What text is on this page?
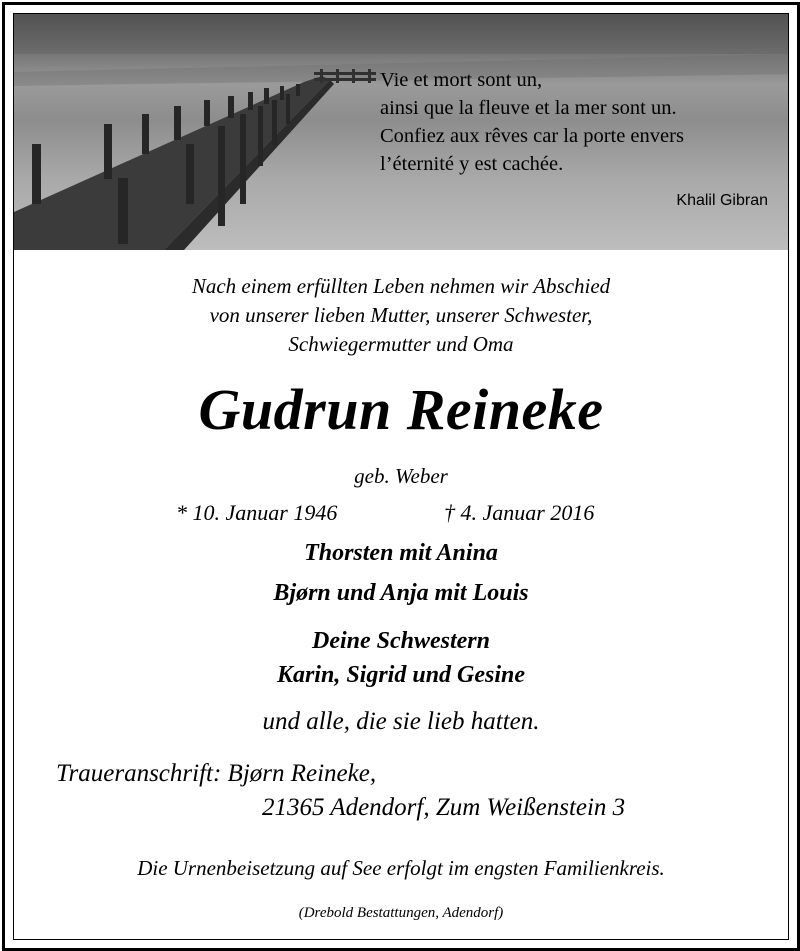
Vie et mort sont un,
ainsi que la fleuve et la mer sont un.
Confiez aux rêves car la porte envers
l’éternité y est cachée.
Khalil Gibran
Nach einem erfüllten Leben nehmen wir Abschied
von unserer lieben Mutter, unserer Schwester,
Schwiegermutter und Oma
Gudrun Reineke
geb. Weber
* 10. Januar 1946	† 4. Januar 2016
Thorsten mit Anina
Bjørn und Anja mit Louis
Deine Schwestern
Karin, Sigrid und Gesine
und alle, die sie lieb hatten.
Traueranschrift: Bjørn Reineke,
21365 Adendorf, Zum Weißenstein 3
Die Urnenbeisetzung auf See erfolgt im engsten Familienkreis.
(Drebold Bestattungen, Adendorf)
